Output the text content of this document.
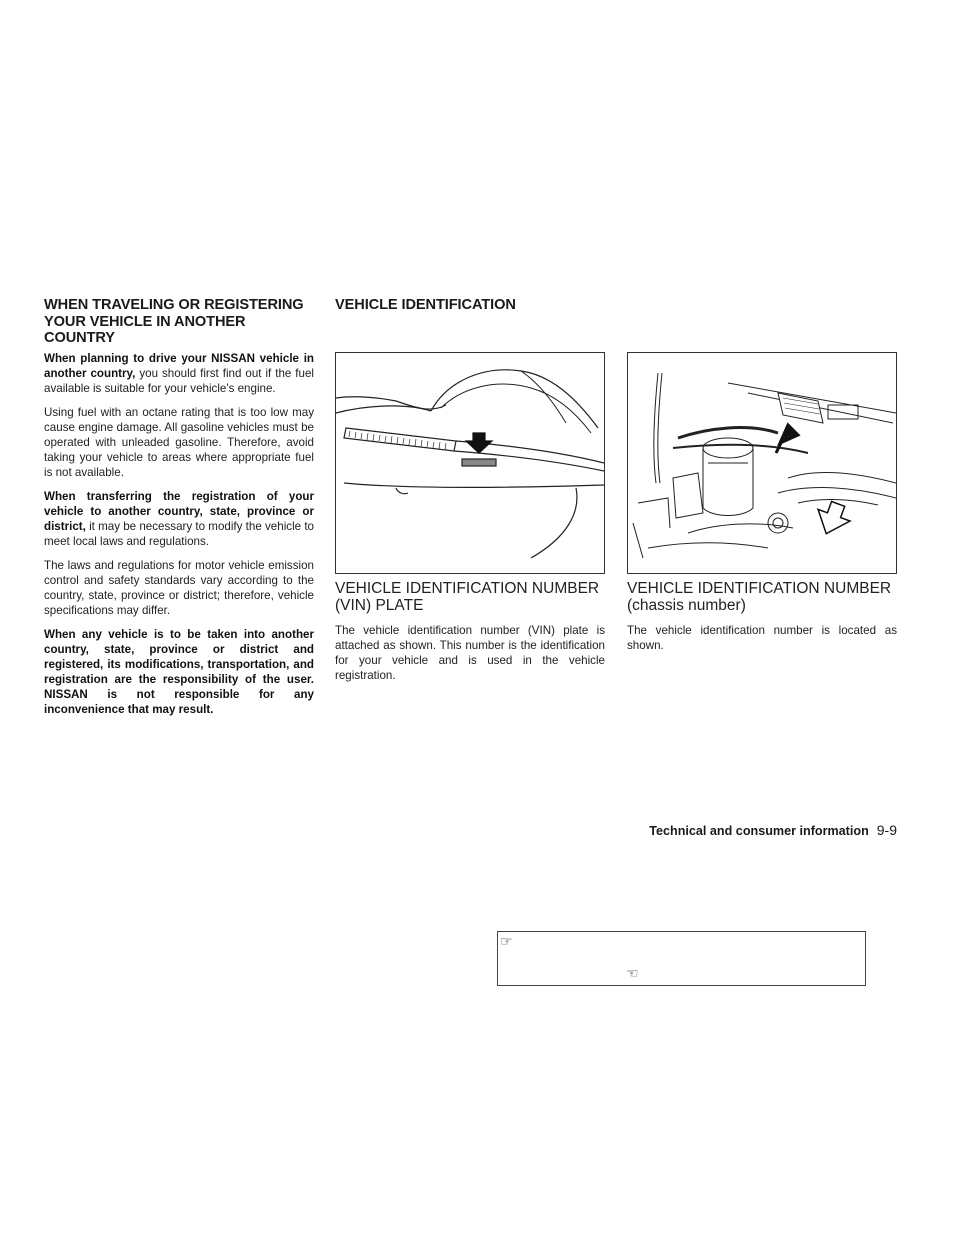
WHEN TRAVELING OR REGISTERING YOUR VEHICLE IN ANOTHER COUNTRY

When planning to drive your NISSAN vehicle in another country, you should first find out if the fuel available is suitable for your vehicle's engine.

Using fuel with an octane rating that is too low may cause engine damage. All gasoline vehicles must be operated with unleaded gasoline. Therefore, avoid taking your vehicle to areas where appropriate fuel is not available.

When transferring the registration of your vehicle to another country, state, province or district, it may be necessary to modify the vehicle to meet local laws and regulations.

The laws and regulations for motor vehicle emission control and safety standards vary according to the country, state, province or district; therefore, vehicle specifications may differ.

When any vehicle is to be taken into another country, state, province or district and registered, its modifications, transportation, and registration are the responsibility of the user. NISSAN is not responsible for any inconvenience that may result.

VEHICLE IDENTIFICATION
VEHICLE IDENTIFICATION NUMBER (VIN) PLATE

The vehicle identification number (VIN) plate is attached as shown. This number is the identification for your vehicle and is used in the vehicle registration.

VEHICLE IDENTIFICATION NUMBER (chassis number)

The vehicle identification number is located as shown.

Technical and consumer information 9-9
☞
☜
